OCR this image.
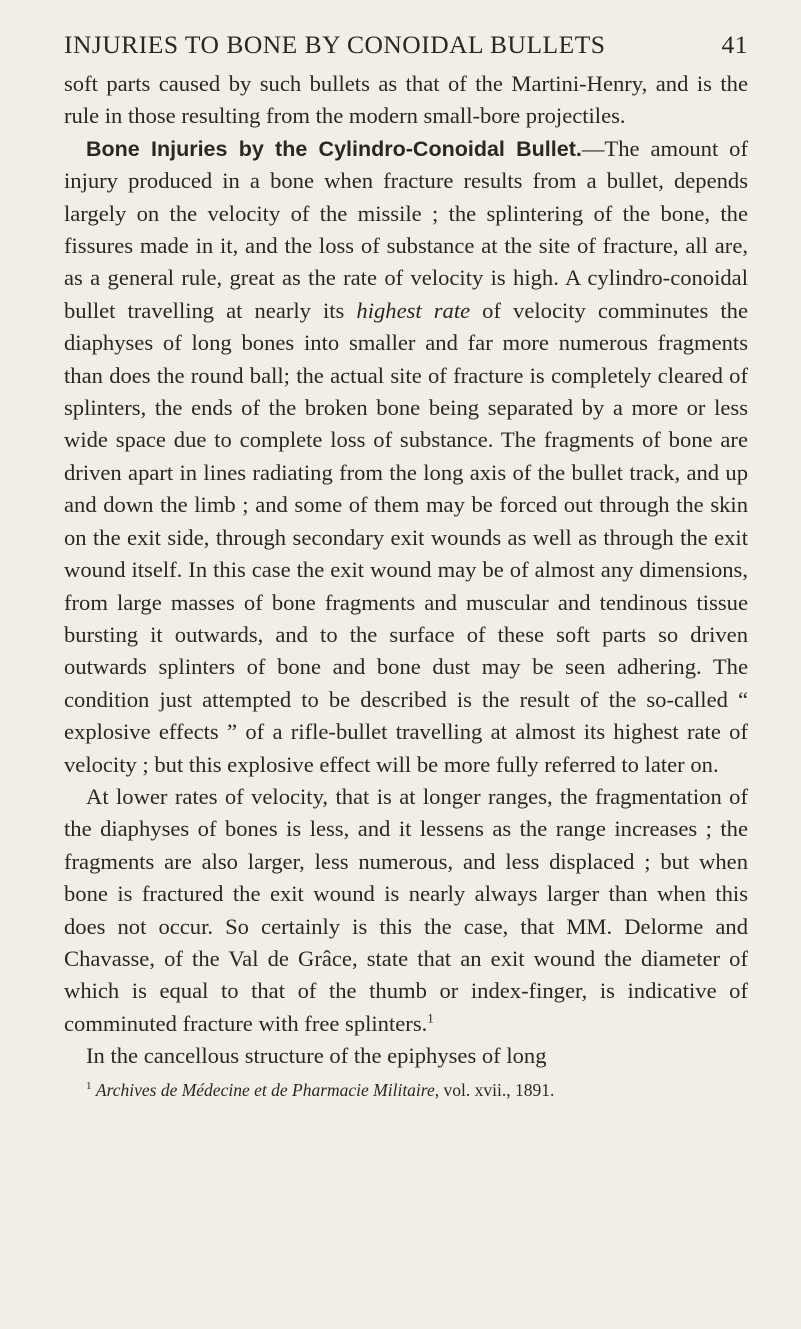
INJURIES TO BONE BY CONOIDAL BULLETS	41

soft parts caused by such bullets as that of the Martini-Henry, and is the rule in those resulting from the modern small-bore projectiles.

Bone Injuries by the Cylindro-Conoidal Bullet.—The amount of injury produced in a bone when fracture results from a bullet, depends largely on the velocity of the missile ; the splintering of the bone, the fissures made in it, and the loss of substance at the site of fracture, all are, as a general rule, great as the rate of velocity is high. A cylindro-conoidal bullet travelling at nearly its highest rate of velocity comminutes the diaphyses of long bones into smaller and far more numerous fragments than does the round ball; the actual site of fracture is completely cleared of splinters, the ends of the broken bone being separated by a more or less wide space due to complete loss of substance. The fragments of bone are driven apart in lines radiating from the long axis of the bullet track, and up and down the limb ; and some of them may be forced out through the skin on the exit side, through secondary exit wounds as well as through the exit wound itself. In this case the exit wound may be of almost any dimensions, from large masses of bone fragments and muscular and tendinous tissue bursting it outwards, and to the surface of these soft parts so driven outwards splinters of bone and bone dust may be seen adhering. The condition just attempted to be described is the result of the so-called “ explosive effects ” of a rifle-bullet travelling at almost its highest rate of velocity ; but this explosive effect will be more fully referred to later on.

At lower rates of velocity, that is at longer ranges, the fragmentation of the diaphyses of bones is less, and it lessens as the range increases ; the fragments are also larger, less numerous, and less displaced ; but when bone is fractured the exit wound is nearly always larger than when this does not occur. So certainly is this the case, that MM. Delorme and Chavasse, of the Val de Grâce, state that an exit wound the diameter of which is equal to that of the thumb or index-finger, is indicative of comminuted fracture with free splinters.$^1$

In the cancellous structure of the epiphyses of long

$^1$ Archives de Médecine et de Pharmacie Militaire, vol. xvii., 1891.
